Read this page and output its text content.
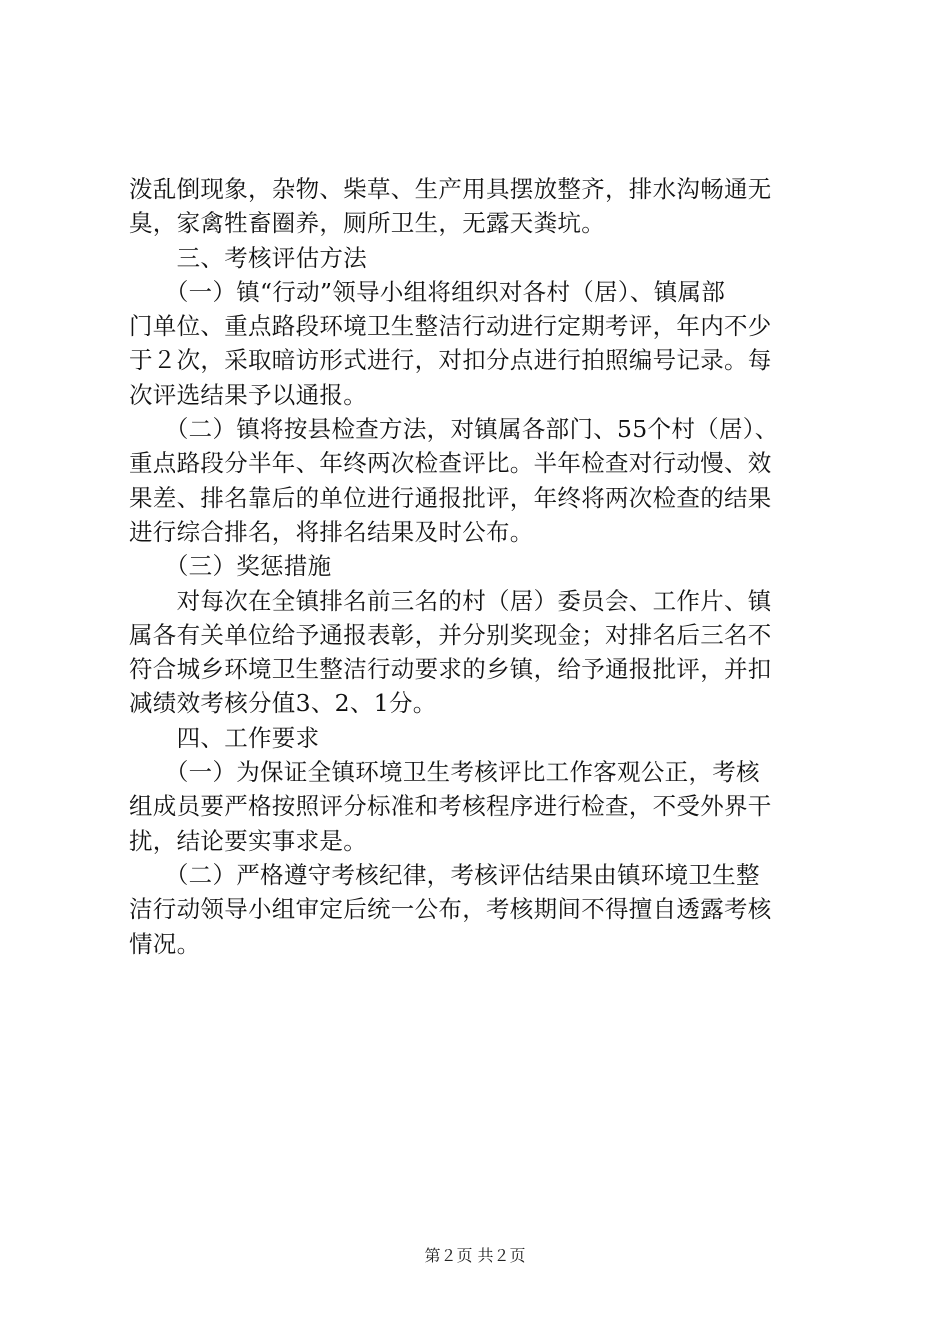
泼乱倒现象，杂物、柴草、生产用具摆放整齐，排水沟畅通无
臭，家禽牲畜圈养，厕所卫生，无露天粪坑。
　　三、考核评估方法
　　（一）镇“行动”领导小组将组织对各村（居）、镇属部
门单位、重点路段环境卫生整洁行动进行定期考评，年内不少
于２次，采取暗访形式进行，对扣分点进行拍照编号记录。每
次评选结果予以通报。
　　（二）镇将按县检查方法，对镇属各部门、55个村（居）、
重点路段分半年、年终两次检查评比。半年检查对行动慢、效
果差、排名靠后的单位进行通报批评，年终将两次检查的结果
进行综合排名，将排名结果及时公布。
　　（三）奖惩措施
　　对每次在全镇排名前三名的村（居）委员会、工作片、镇
属各有关单位给予通报表彰，并分别奖现金；对排名后三名不
符合城乡环境卫生整洁行动要求的乡镇，给予通报批评，并扣
减绩效考核分值3、2、1分。
　　四、工作要求
　　（一）为保证全镇环境卫生考核评比工作客观公正，考核
组成员要严格按照评分标准和考核程序进行检查，不受外界干
扰，结论要实事求是。
　　（二）严格遵守考核纪律，考核评估结果由镇环境卫生整
洁行动领导小组审定后统一公布，考核期间不得擅自透露考核
情况。
第２页 共２页
